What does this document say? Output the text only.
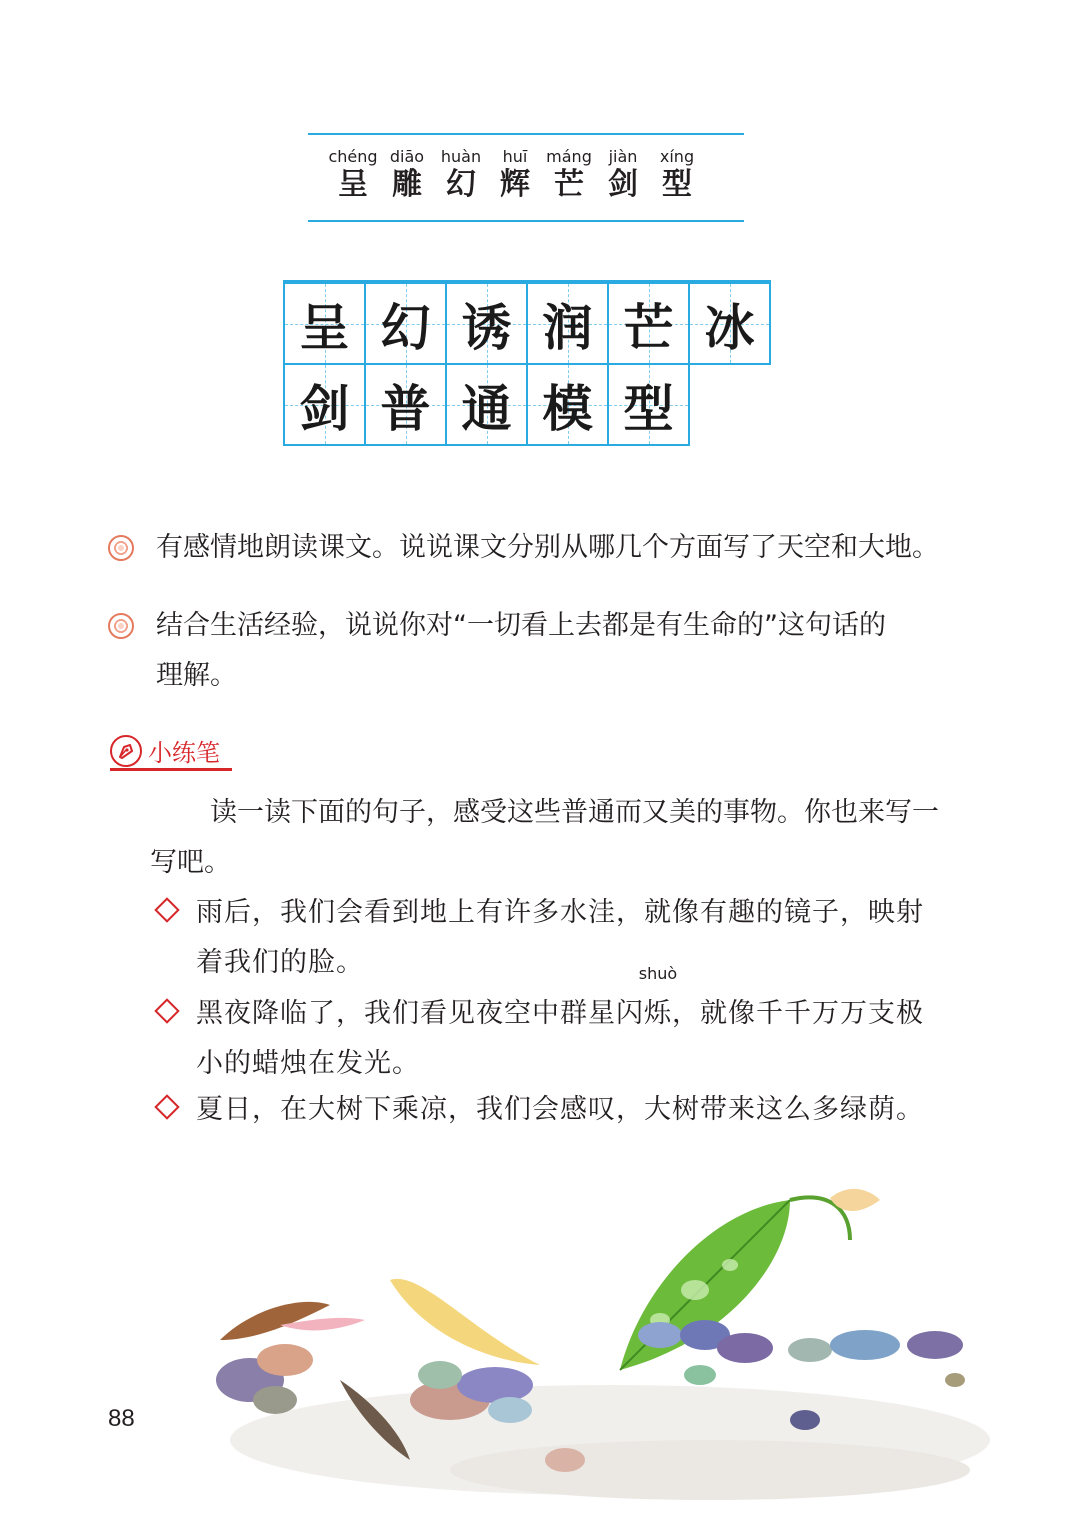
chéng
呈
diāo
雕
huàn
幻
huī
辉
máng
芒
jiàn
剑
xíng
型
呈 幻 诱 润 芒 冰
剑 普 通 模 型
有感情地朗读课文。说说课文分别从哪几个方面写了天空和大地。
结合生活经验，说说你对“一切看上去都是有生命的”这句话的理解。
小练笔
读一读下面的句子，感受这些普通而又美的事物。你也来写一写吧。
雨后，我们会看到地上有许多水洼，就像有趣的镜子，映射着我们的脸。
黑夜降临了，我们看见夜空中群星闪
shuò
烁，就像千千万万支极小的蜡烛在发光。
夏日，在大树下乘凉，我们会感叹，大树带来这么多绿荫。
88
